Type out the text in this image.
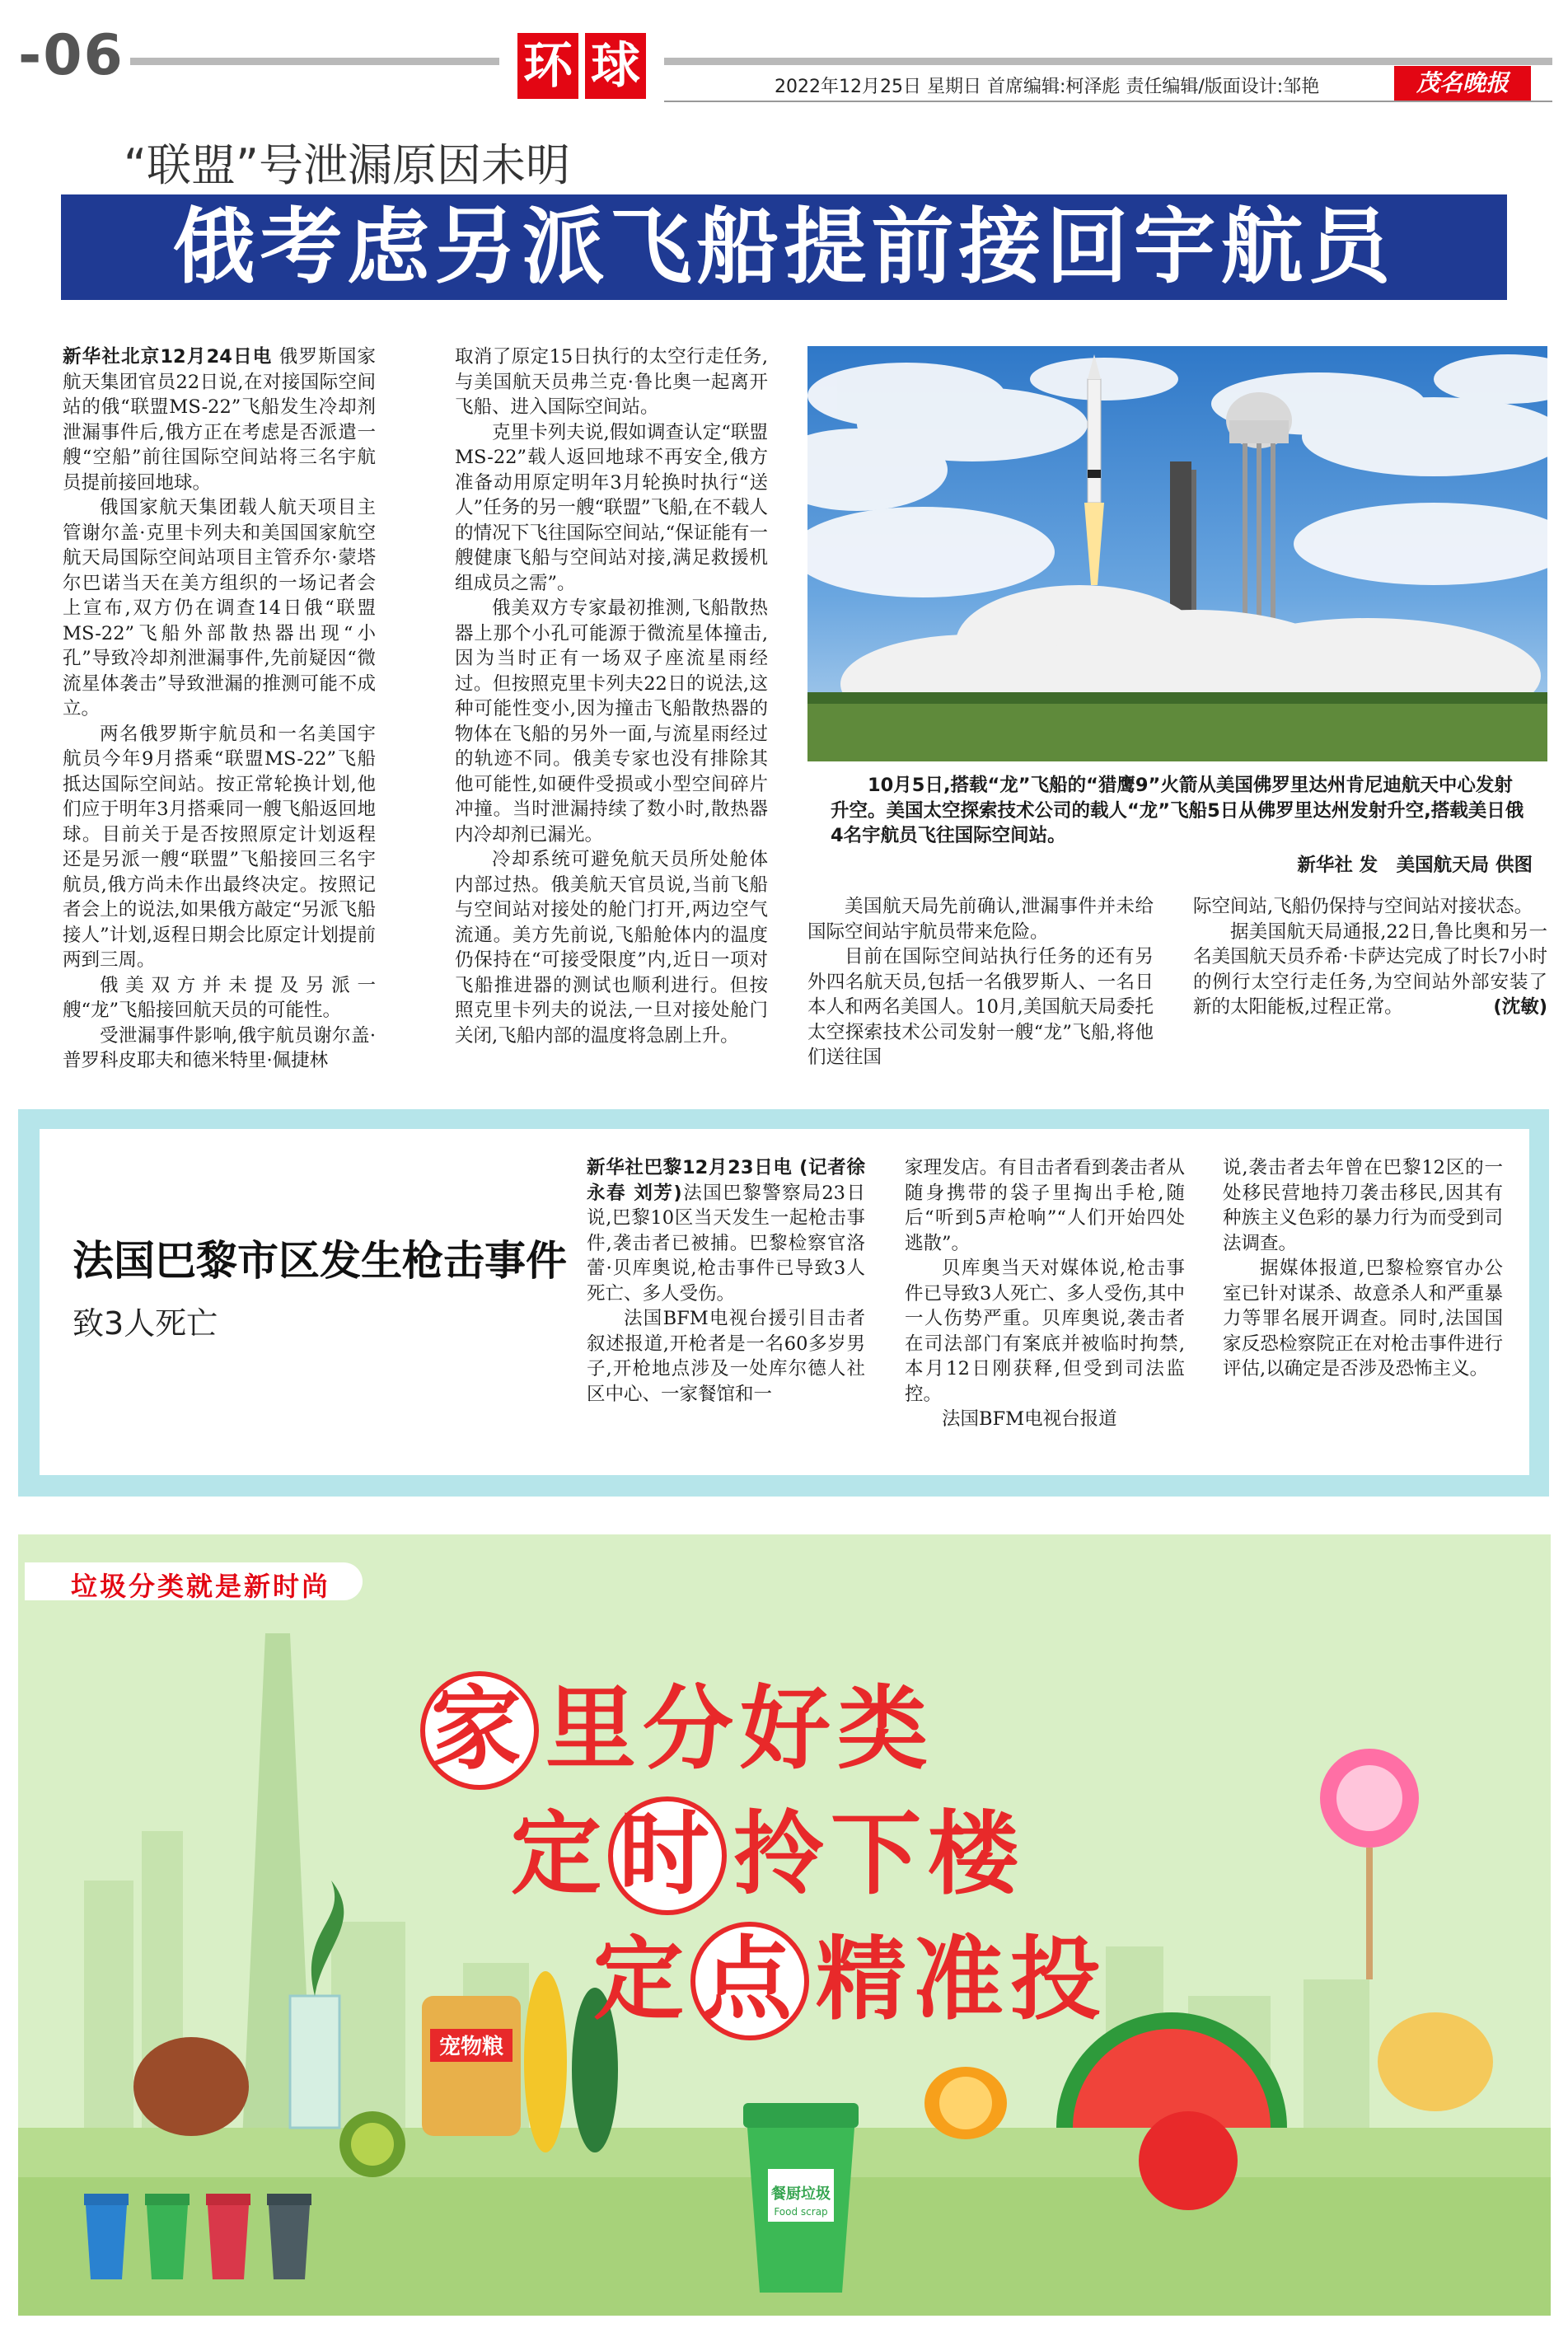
-06	环 球	2022年12月25日 星期日 首席编辑:柯泽彪 责任编辑/版面设计:邹艳	茂名晚报
“联盟”号泄漏原因未明
俄考虑另派飞船提前接回宇航员

新华社北京12月24日电 俄罗斯国家航天集团官员22日说,在对接国际空间站的俄“联盟MS-22”飞船发生冷却剂泄漏事件后,俄方正在考虑是否派遣一艘“空船”前往国际空间站将三名宇航员提前接回地球。

俄国家航天集团载人航天项目主管谢尔盖·克里卡列夫和美国国家航空航天局国际空间站项目主管乔尔·蒙塔尔巴诺当天在美方组织的一场记者会上宣布,双方仍在调查14日俄“联盟MS-22”飞船外部散热器出现“小孔”导致冷却剂泄漏事件,先前疑因“微流星体袭击”导致泄漏的推测可能不成立。

两名俄罗斯宇航员和一名美国宇航员今年9月搭乘“联盟MS-22”飞船抵达国际空间站。按正常轮换计划,他们应于明年3月搭乘同一艘飞船返回地球。目前关于是否按照原定计划返程还是另派一艘“联盟”飞船接回三名宇航员,俄方尚未作出最终决定。按照记者会上的说法,如果俄方敲定“另派飞船接人”计划,返程日期会比原定计划提前两到三周。

俄美双方并未提及另派一艘“龙”飞船接回航天员的可能性。

受泄漏事件影响,俄宇航员谢尔盖·普罗科皮耶夫和德米特里·佩捷林

取消了原定15日执行的太空行走任务,与美国航天员弗兰克·鲁比奥一起离开飞船、进入国际空间站。

克里卡列夫说,假如调查认定“联盟MS-22”载人返回地球不再安全,俄方准备动用原定明年3月轮换时执行“送人”任务的另一艘“联盟”飞船,在不载人的情况下飞往国际空间站,“保证能有一艘健康飞船与空间站对接,满足救援机组成员之需”。

俄美双方专家最初推测,飞船散热器上那个小孔可能源于微流星体撞击,因为当时正有一场双子座流星雨经过。但按照克里卡列夫22日的说法,这种可能性变小,因为撞击飞船散热器的物体在飞船的另外一面,与流星雨经过的轨迹不同。俄美专家也没有排除其他可能性,如硬件受损或小型空间碎片冲撞。当时泄漏持续了数小时,散热器内冷却剂已漏光。

冷却系统可避免航天员所处舱体内部过热。俄美航天官员说,当前飞船与空间站对接处的舱门打开,两边空气流通。美方先前说,飞船舱体内的温度仍保持在“可接受限度”内,近日一项对飞船推进器的测试也顺利进行。但按照克里卡列夫的说法,一旦对接处舱门关闭,飞船内部的温度将急剧上升。

10月5日,搭载“龙”飞船的“猎鹰9”火箭从美国佛罗里达州肯尼迪航天中心发射升空。美国太空探索技术公司的载人“龙”飞船5日从佛罗里达州发射升空,搭载美日俄4名宇航员飞往国际空间站。
新华社 发　美国航天局 供图

美国航天局先前确认,泄漏事件并未给国际空间站宇航员带来危险。

目前在国际空间站执行任务的还有另外四名航天员,包括一名俄罗斯人、一名日本人和两名美国人。10月,美国航天局委托太空探索技术公司发射一艘“龙”飞船,将他们送往国

际空间站,飞船仍保持与空间站对接状态。

据美国航天局通报,22日,鲁比奥和另一名美国航天员乔希·卡萨达完成了时长7小时的例行太空行走任务,为空间站外部安装了新的太阳能板,过程正常。	(沈敏)

法国巴黎市区发生枪击事件
致3人死亡

新华社巴黎12月23日电 (记者徐永春 刘芳)法国巴黎警察局23日说,巴黎10区当天发生一起枪击事件,袭击者已被捕。巴黎检察官洛蕾·贝库奥说,枪击事件已导致3人死亡、多人受伤。

法国BFM电视台援引目击者叙述报道,开枪者是一名60多岁男子,开枪地点涉及一处库尔德人社区中心、一家餐馆和一

家理发店。有目击者看到袭击者从随身携带的袋子里掏出手枪,随后“听到5声枪响”“人们开始四处逃散”。

贝库奥当天对媒体说,枪击事件已导致3人死亡、多人受伤,其中一人伤势严重。贝库奥说,袭击者在司法部门有案底并被临时拘禁,本月12日刚获释,但受到司法监控。

法国BFM电视台报道

说,袭击者去年曾在巴黎12区的一处移民营地持刀袭击移民,因其有种族主义色彩的暴力行为而受到司法调查。

据媒体报道,巴黎检察官办公室已针对谋杀、故意杀人和严重暴力等罪名展开调查。同时,法国国家反恐检察院正在对枪击事件进行评估,以确定是否涉及恐怖主义。

宠物粮
餐厨垃圾
Food scrap
垃圾分类就是新时尚
家 里分好类
定 时 拎下楼
定 点 精准投
